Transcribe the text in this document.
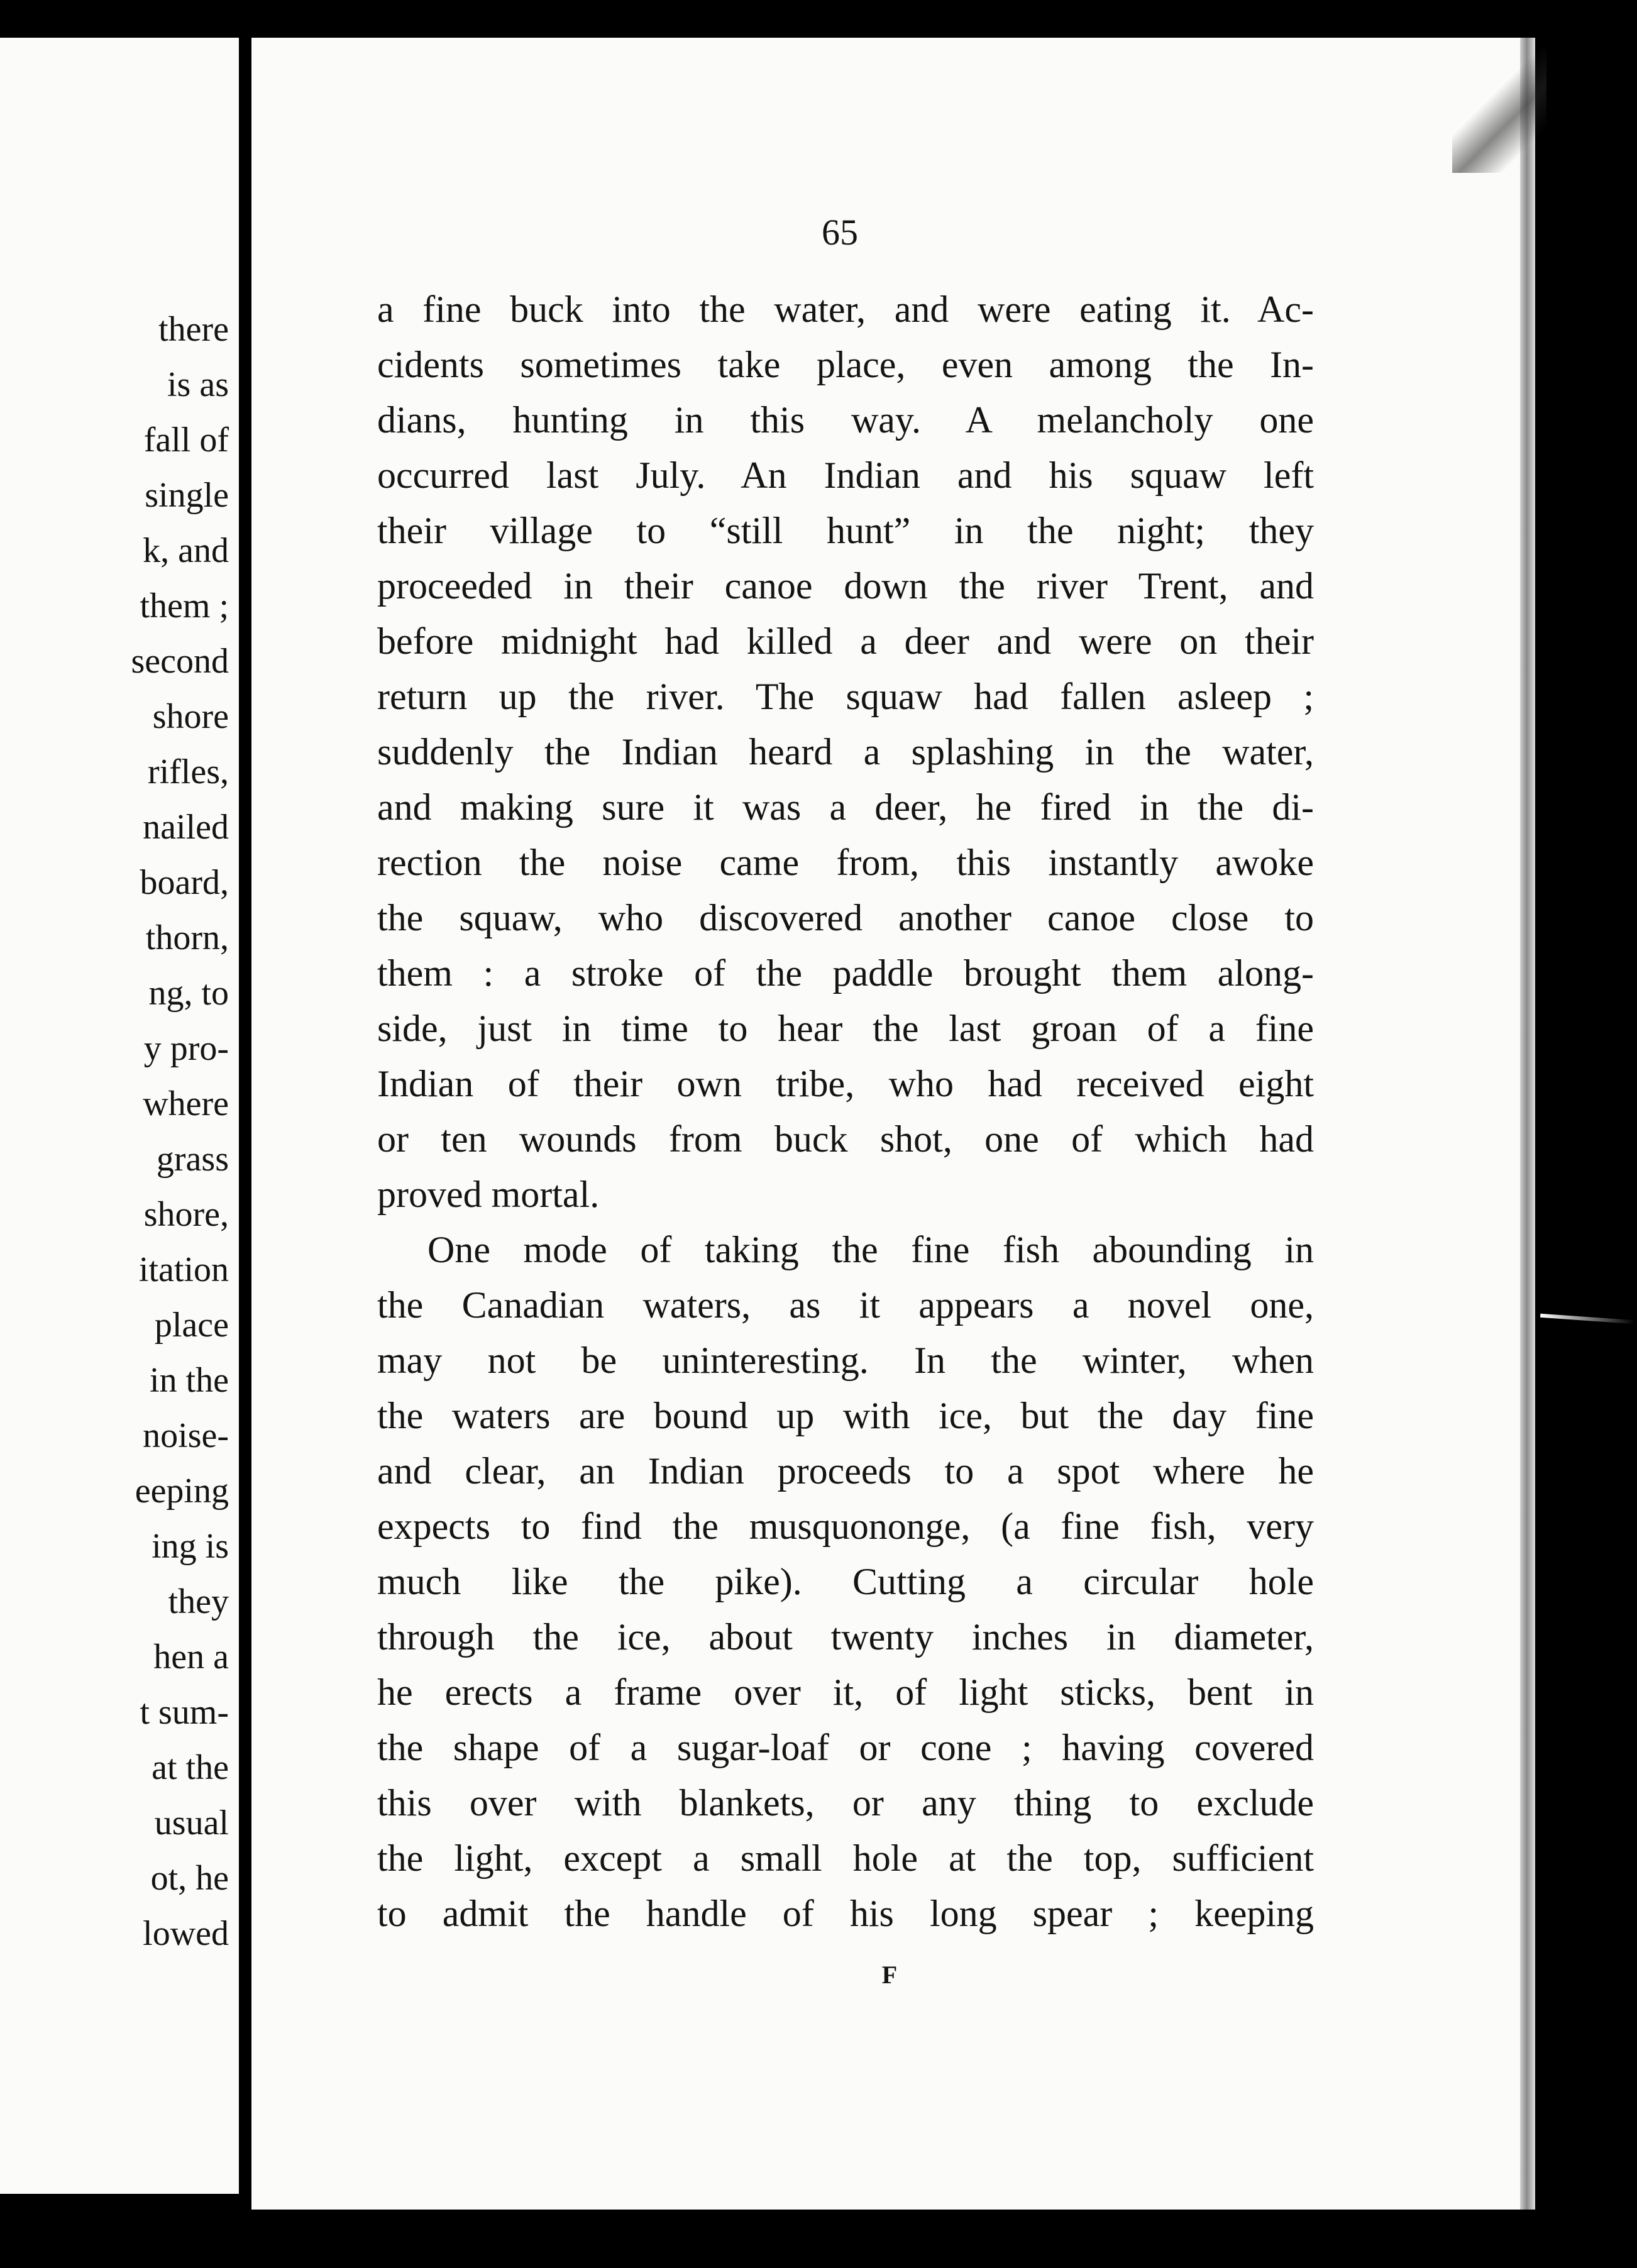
there
is as
fall of
single
k, and
them ;
second
shore
rifles,
nailed
board,
thorn,
ng, to
y pro-
where
grass
shore,
itation
place
in the
noise-
eeping
ing is
they
hen a
t sum-
at the
usual
ot, he
lowed
65
a fine buck into the water, and were eating it. Ac-
cidents sometimes take place, even among the In-
dians, hunting in this way. A melancholy one
occurred last July. An Indian and his squaw left
their village to “still hunt” in the night; they
proceeded in their canoe down the river Trent, and
before midnight had killed a deer and were on their
return up the river. The squaw had fallen asleep ;
suddenly the Indian heard a splashing in the water,
and making sure it was a deer, he fired in the di-
rection the noise came from, this instantly awoke
the squaw, who discovered another canoe close to
them : a stroke of the paddle brought them along-
side, just in time to hear the last groan of a fine
Indian of their own tribe, who had received eight
or ten wounds from buck shot, one of which had
proved mortal.
One mode of taking the fine fish abounding in
the Canadian waters, as it appears a novel one,
may not be uninteresting. In the winter, when
the waters are bound up with ice, but the day fine
and clear, an Indian proceeds to a spot where he
expects to find the musquononge, (a fine fish, very
much like the pike). Cutting a circular hole
through the ice, about twenty inches in diameter,
he erects a frame over it, of light sticks, bent in
the shape of a sugar-loaf or cone ; having covered
this over with blankets, or any thing to exclude
the light, except a small hole at the top, sufficient
to admit the handle of his long spear ; keeping
F
